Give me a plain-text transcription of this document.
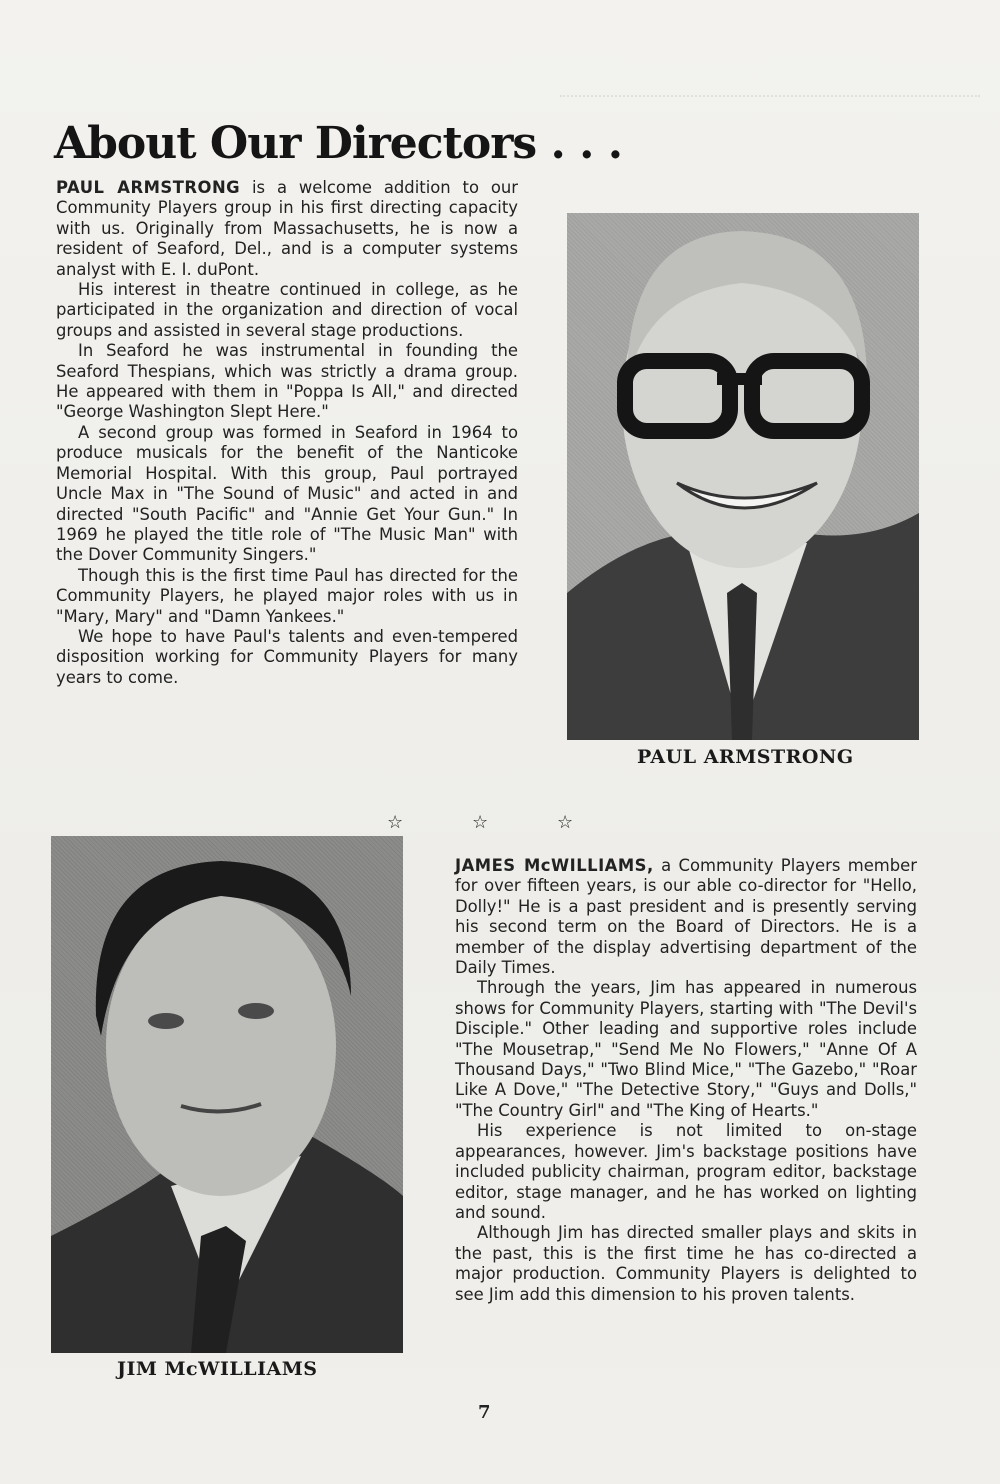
About Our Directors . . .

PAUL ARMSTRONG is a welcome addition to our Community Players group in his first directing capacity with us. Originally from Massachusetts, he is now a resident of Seaford, Del., and is a computer systems analyst with E. I. duPont.

His interest in theatre continued in college, as he participated in the organization and direction of vocal groups and assisted in several stage productions.

In Seaford he was instrumental in founding the Seaford Thespians, which was strictly a drama group. He appeared with them in "Poppa Is All," and directed "George Washington Slept Here."

A second group was formed in Seaford in 1964 to produce musicals for the benefit of the Nanticoke Memorial Hospital. With this group, Paul portrayed Uncle Max in "The Sound of Music" and acted in and directed "South Pacific" and "Annie Get Your Gun." In 1969 he played the title role of "The Music Man" with the Dover Community Singers."

Though this is the first time Paul has directed for the Community Players, he played major roles with us in "Mary, Mary" and "Damn Yankees."

We hope to have Paul's talents and even-tempered disposition working for Community Players for many years to come.

PAUL ARMSTRONG
☆	☆	☆
JIM McWILLIAMS

JAMES McWILLIAMS, a Community Players member for over fifteen years, is our able co-director for "Hello, Dolly!" He is a past president and is presently serving his second term on the Board of Directors. He is a member of the display advertising department of the Daily Times.

Through the years, Jim has appeared in numerous shows for Community Players, starting with "The Devil's Disciple." Other leading and supportive roles include "The Mousetrap," "Send Me No Flowers," "Anne Of A Thousand Days," "Two Blind Mice," "The Gazebo," "Roar Like A Dove," "The Detective Story," "Guys and Dolls," "The Country Girl" and "The King of Hearts."

His experience is not limited to on-stage appearances, however. Jim's backstage positions have included publicity chairman, program editor, backstage editor, stage manager, and he has worked on lighting and sound.

Although Jim has directed smaller plays and skits in the past, this is the first time he has co-directed a major production. Community Players is delighted to see Jim add this dimension to his proven talents.

7
